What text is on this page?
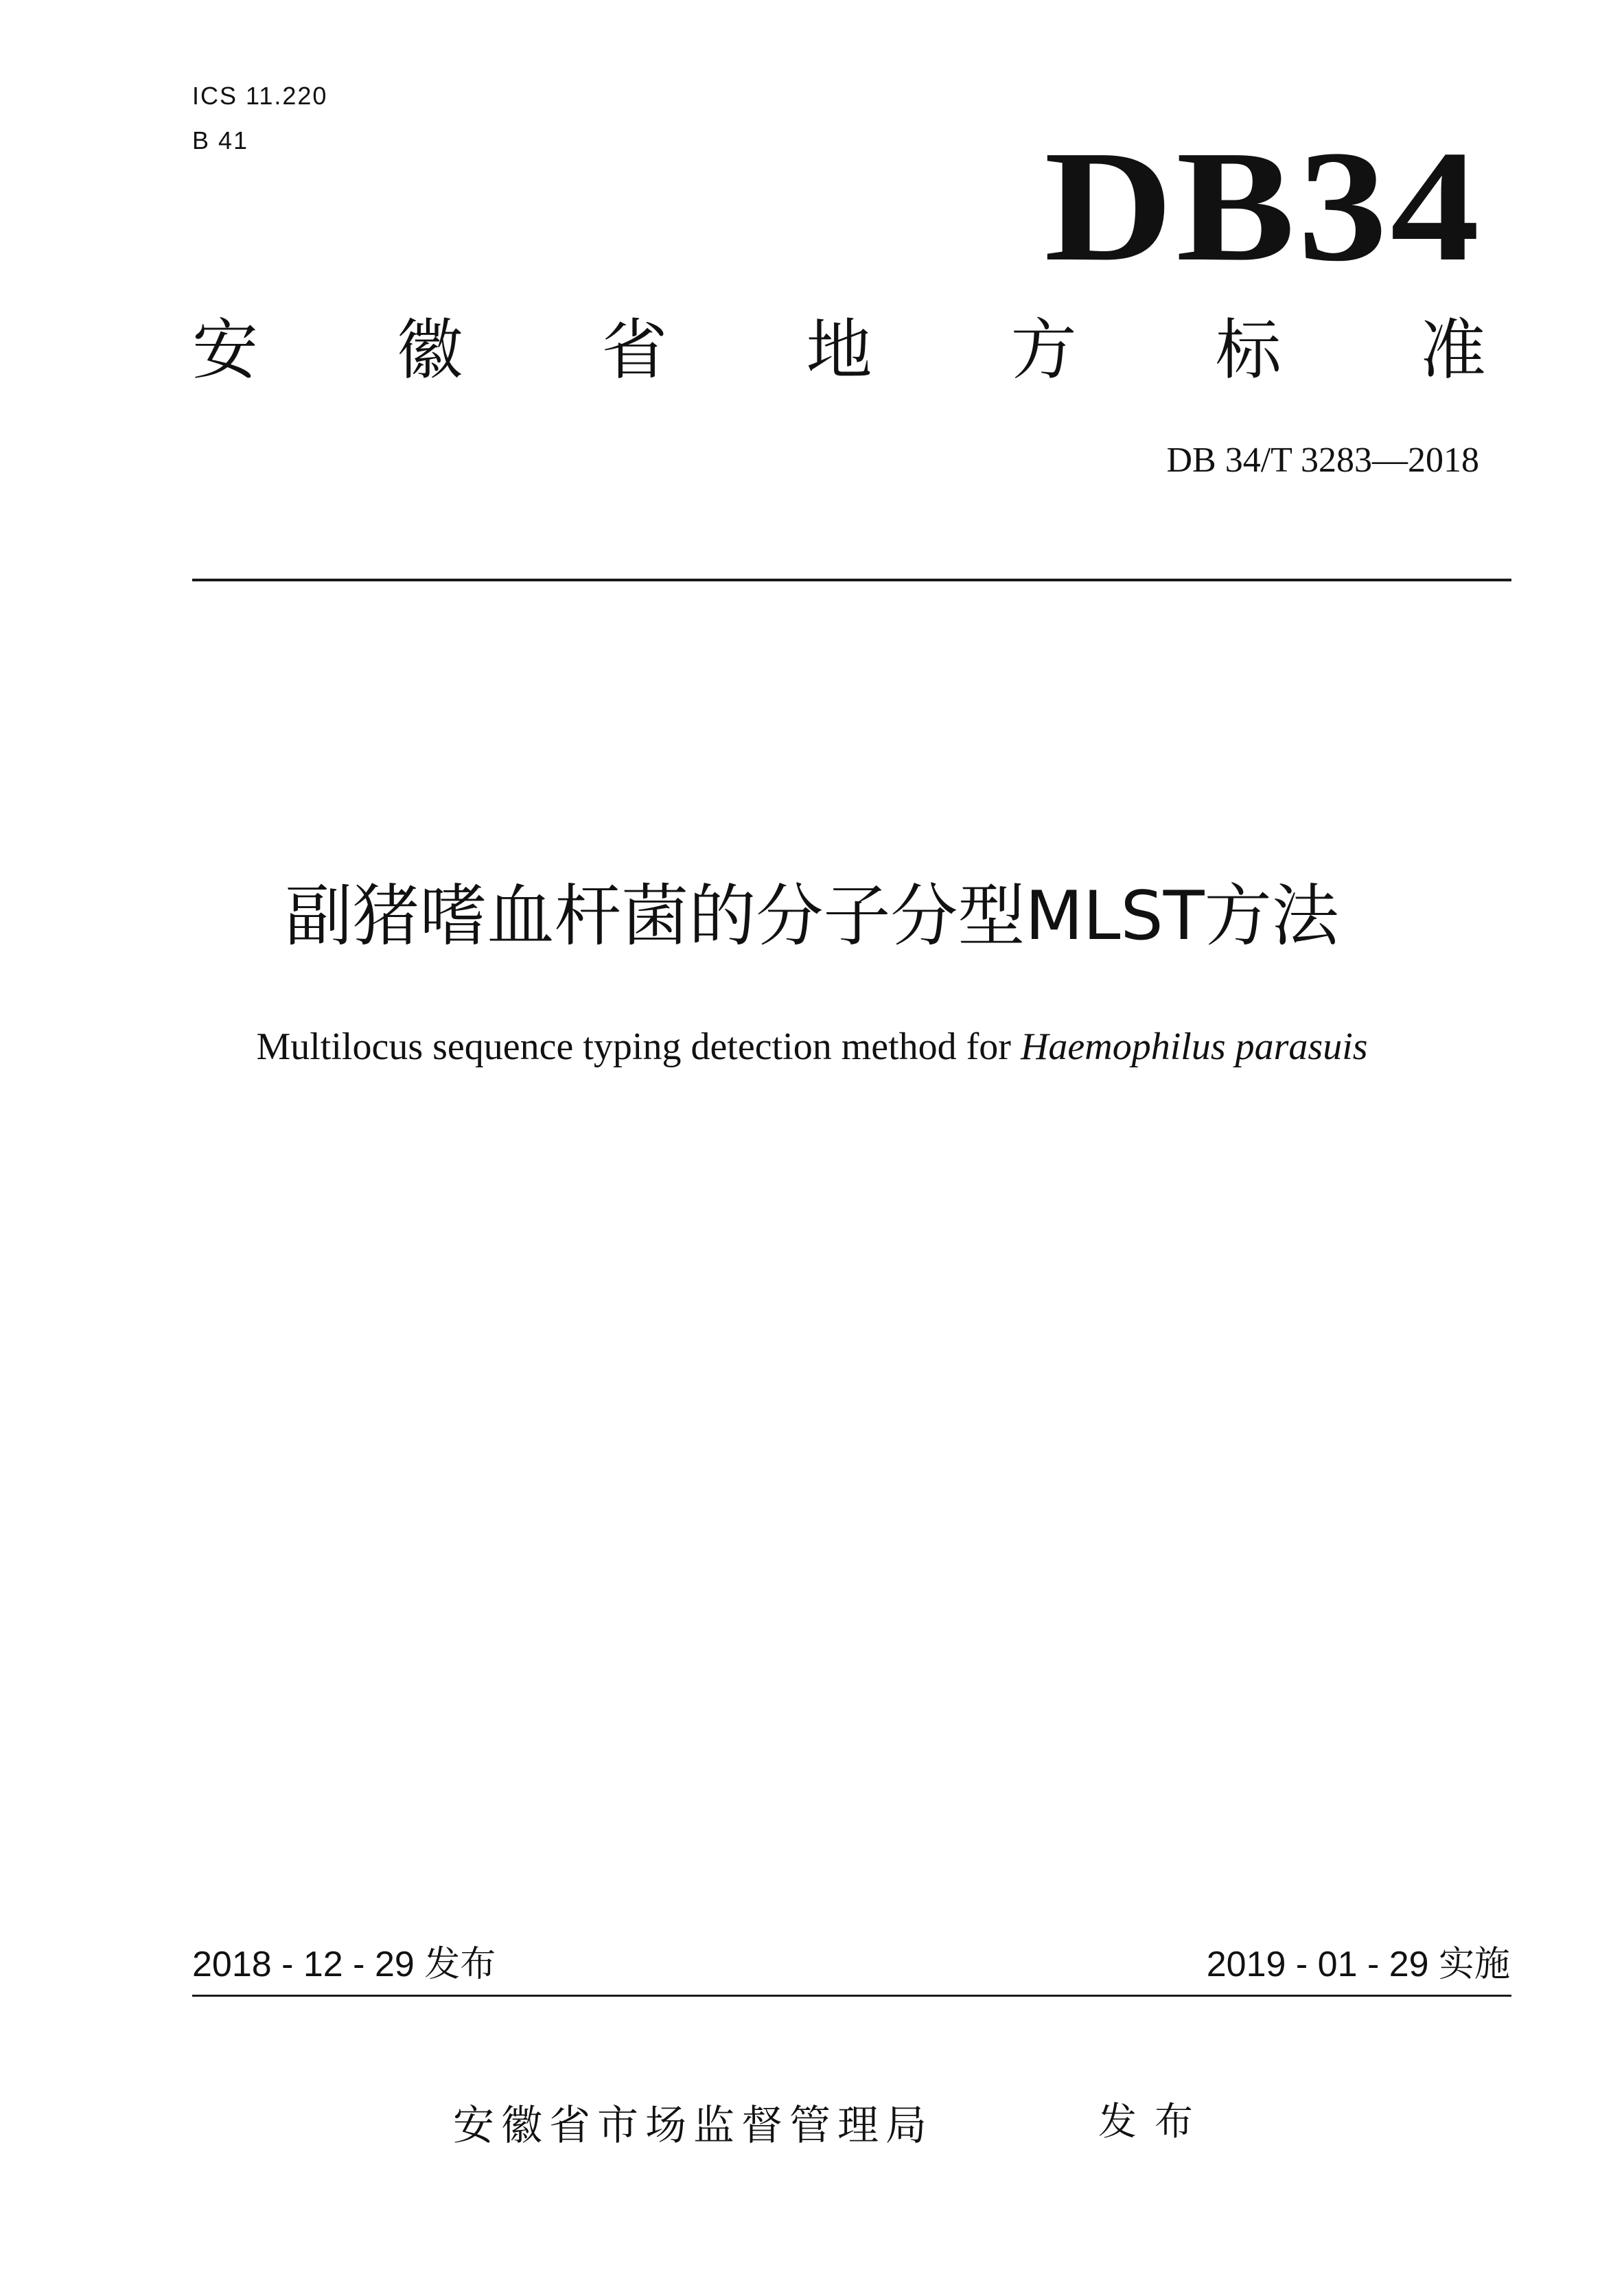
ICS 11.220
B 41	DB34
安 徽 省 地 方 标 准
DB 34/T 3283—2018
副猪嗜血杆菌的分子分型MLST方法
Multilocus sequence typing detection method for Haemophilus parasuis
2018 - 12 - 29 发布	2019 - 01 - 29 实施
安徽省市场监督管理局	发布
